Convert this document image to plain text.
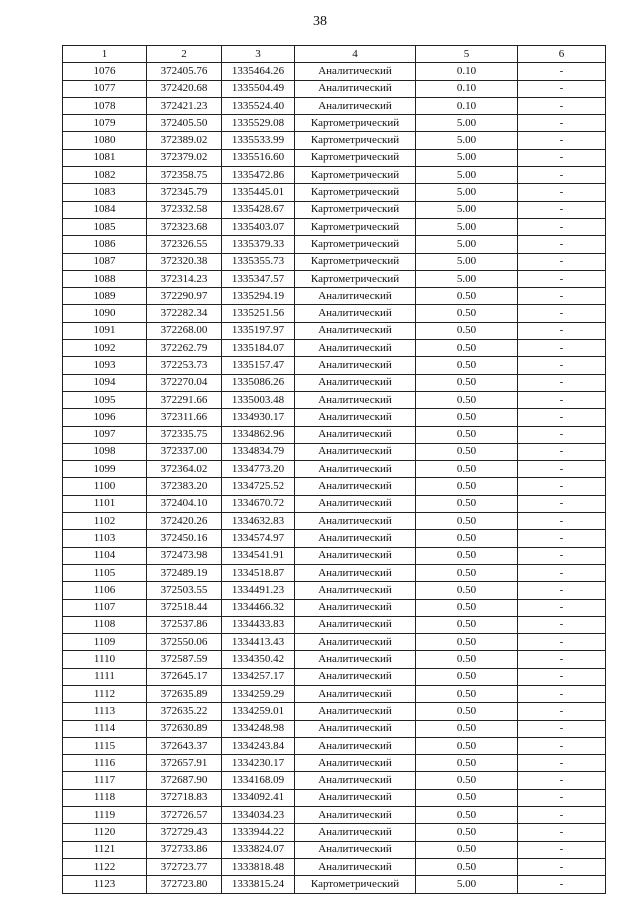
38
1	2	3	4	5	6
1076	372405.76	1335464.26	Аналитический	0.10	-
1077	372420.68	1335504.49	Аналитический	0.10	-
1078	372421.23	1335524.40	Аналитический	0.10	-
1079	372405.50	1335529.08	Картометрический	5.00	-
1080	372389.02	1335533.99	Картометрический	5.00	-
1081	372379.02	1335516.60	Картометрический	5.00	-
1082	372358.75	1335472.86	Картометрический	5.00	-
1083	372345.79	1335445.01	Картометрический	5.00	-
1084	372332.58	1335428.67	Картометрический	5.00	-
1085	372323.68	1335403.07	Картометрический	5.00	-
1086	372326.55	1335379.33	Картометрический	5.00	-
1087	372320.38	1335355.73	Картометрический	5.00	-
1088	372314.23	1335347.57	Картометрический	5.00	-
1089	372290.97	1335294.19	Аналитический	0.50	-
1090	372282.34	1335251.56	Аналитический	0.50	-
1091	372268.00	1335197.97	Аналитический	0.50	-
1092	372262.79	1335184.07	Аналитический	0.50	-
1093	372253.73	1335157.47	Аналитический	0.50	-
1094	372270.04	1335086.26	Аналитический	0.50	-
1095	372291.66	1335003.48	Аналитический	0.50	-
1096	372311.66	1334930.17	Аналитический	0.50	-
1097	372335.75	1334862.96	Аналитический	0.50	-
1098	372337.00	1334834.79	Аналитический	0.50	-
1099	372364.02	1334773.20	Аналитический	0.50	-
1100	372383.20	1334725.52	Аналитический	0.50	-
1101	372404.10	1334670.72	Аналитический	0.50	-
1102	372420.26	1334632.83	Аналитический	0.50	-
1103	372450.16	1334574.97	Аналитический	0.50	-
1104	372473.98	1334541.91	Аналитический	0.50	-
1105	372489.19	1334518.87	Аналитический	0.50	-
1106	372503.55	1334491.23	Аналитический	0.50	-
1107	372518.44	1334466.32	Аналитический	0.50	-
1108	372537.86	1334433.83	Аналитический	0.50	-
1109	372550.06	1334413.43	Аналитический	0.50	-
1110	372587.59	1334350.42	Аналитический	0.50	-
1111	372645.17	1334257.17	Аналитический	0.50	-
1112	372635.89	1334259.29	Аналитический	0.50	-
1113	372635.22	1334259.01	Аналитический	0.50	-
1114	372630.89	1334248.98	Аналитический	0.50	-
1115	372643.37	1334243.84	Аналитический	0.50	-
1116	372657.91	1334230.17	Аналитический	0.50	-
1117	372687.90	1334168.09	Аналитический	0.50	-
1118	372718.83	1334092.41	Аналитический	0.50	-
1119	372726.57	1334034.23	Аналитический	0.50	-
1120	372729.43	1333944.22	Аналитический	0.50	-
1121	372733.86	1333824.07	Аналитический	0.50	-
1122	372723.77	1333818.48	Аналитический	0.50	-
1123	372723.80	1333815.24	Картометрический	5.00	-
